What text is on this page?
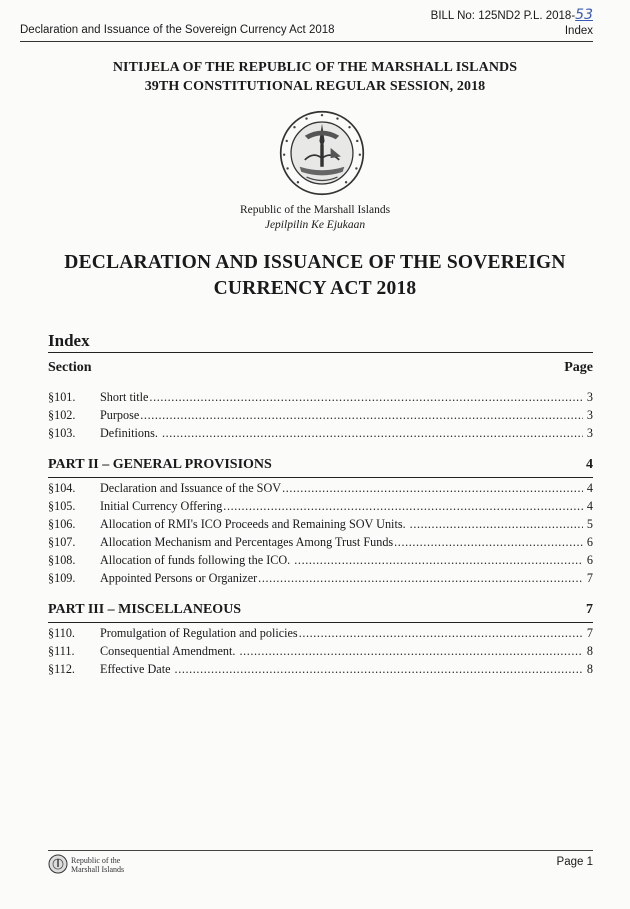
Declaration and Issuance of the Sovereign Currency Act 2018
BILL No: 125ND2 P.L. 2018-53
Index
NITIJELA OF THE REPUBLIC OF THE MARSHALL ISLANDS
39TH CONSTITUTIONAL REGULAR SESSION, 2018
Republic of the Marshall Islands
Jepilpilin Ke Ejukaan
DECLARATION AND ISSUANCE OF THE SOVEREIGN
CURRENCY ACT 2018
Index
Section	Page
§101. Short title .....	3
§102. Purpose .....	3
§103. Definitions. .....	3
PART II – GENERAL PROVISIONS	4
§104. Declaration and Issuance of the SOV .....	4
§105. Initial Currency Offering .....	4
§106. Allocation of RMI's ICO Proceeds and Remaining SOV Units. .....	5
§107. Allocation Mechanism and Percentages Among Trust Funds .....	6
§108. Allocation of funds following the ICO. .....	6
§109. Appointed Persons or Organizer .....	7
PART III – MISCELLANEOUS	7
§110. Promulgation of Regulation and policies .....	7
§111. Consequential Amendment. .....	8
§112. Effective Date .....	8
Republic of the
Marshall Islands
Page 1
